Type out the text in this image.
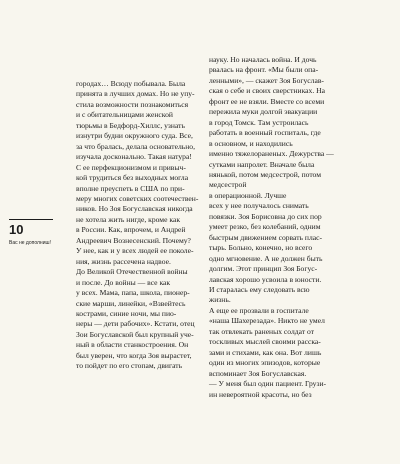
10
Вас не дополниш!

городах… Всюду побывала. Была

принята в лучших домах. Но не упу-

стила возможности познакомиться

и с обитательницами женской

тюрьмы в Бедфорд-Хиллс, узнать

изнутри будни окружного суда. Все,

за что бралась, делала основательно,

изучала досконально. Такая натура!

С ее перфекционизмом и привыч-

кой трудиться без выходных могла

вполне преуспеть в США по при-

меру многих советских соотечествен-

ников. Но Зоя Богуславская никогда

не хотела жить нигде, кроме как

в России. Как, впрочем, и Андрей

Андреевич Вознесенский. Почему?

У нее, как и у всех людей ее поколе-

ния, жизнь рассечена надвое.

До Великой Отечественной войны

и после. До войны — все как

у всех. Мама, папа, школа, пионер-

ские марши, линейки, «Взвейтесь

кострами, синие ночи, мы пио-

неры — дети рабочих». Кстати, отец

Зои Богуславской был крупный уче-

ный в области станкостроения. Он

был уверен, что когда Зоя вырастет,

то пойдет по его стопам, двигать

науку. Но началась война. И дочь

рвалась на фронт. «Мы были опа-

ленными», — скажет Зоя Богуслав-

ская о себе и своих сверстниках. На

фронт ее не взяли. Вместе со всеми

пережила муки долгой эвакуации

в город Томск. Там устроилась

работать в военный госпиталь, где

в основном, и находились

именно тяжелораненых. Дежурства —

сутками напролет. Вначале была

нянькой, потом медсестрой, потом медсестрой

в операционной. Лучше

всех у нее получалось снимать

повязки. Зоя Борисовна до сих пор

умеет резко, без колебаний, одним

быстрым движением сорвать плас-

тырь. Больно, конечно, но всего

одно мгновение. А не должен быть

долгим. Этот принцип Зоя Богус-

лавская хорошо усвоила в юности.

И старалась ему следовать всю

жизнь.

А еще ее прозвали в госпитале

«наша Шахерезада». Никто не умел

так отвлекать раненых солдат от

тоскливых мыслей своими расска-

зами и стихами, как она. Вот лишь

один из многих эпизодов, которые

вспоминает Зоя Богуславская.

— У меня был один пациент. Грузи-

ин невероятной красоты, но без
